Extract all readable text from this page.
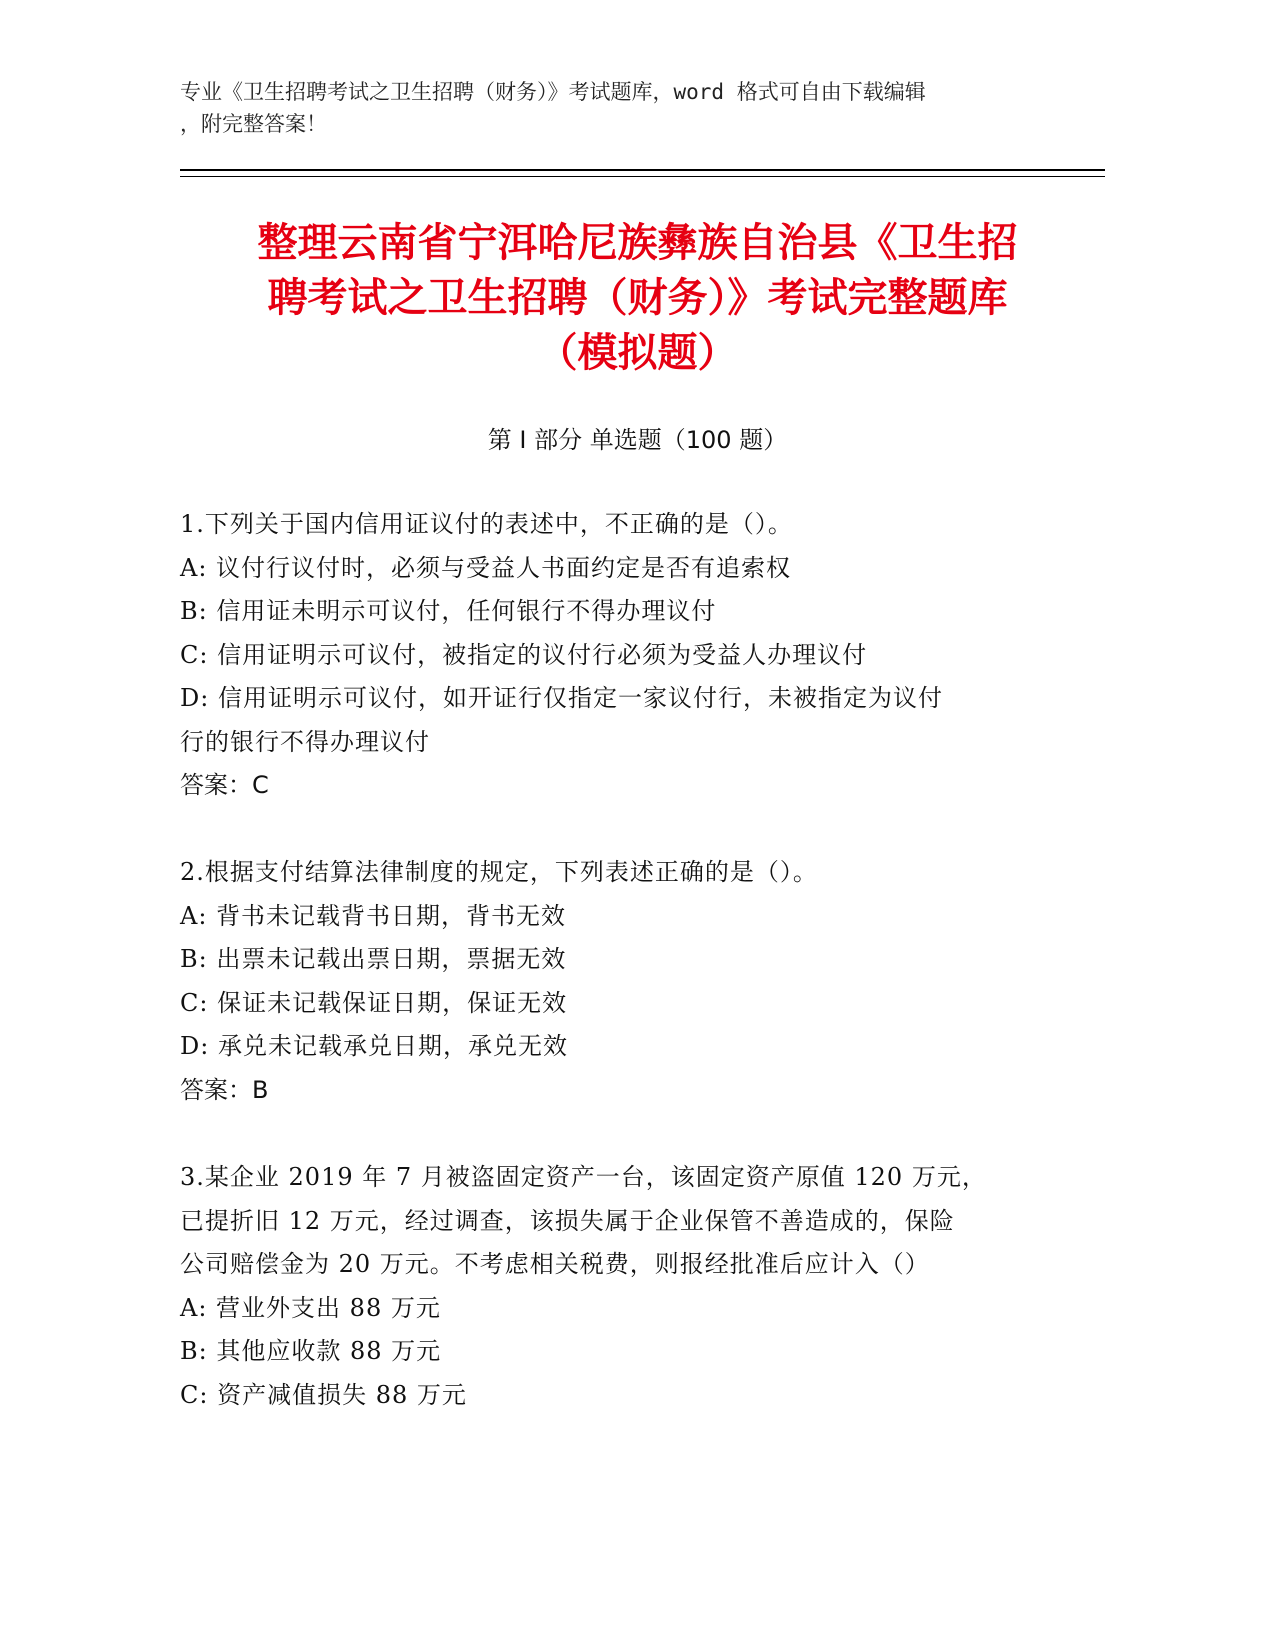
专业《卫生招聘考试之卫生招聘（财务）》考试题库，word 格式可自由下载编辑
，附完整答案！
整理云南省宁洱哈尼族彝族自治县《卫生招
聘考试之卫生招聘（财务）》考试完整题库
（模拟题）
第 I 部分 单选题（100 题）
1.下列关于国内信用证议付的表述中，不正确的是（）。
A: 议付行议付时，必须与受益人书面约定是否有追索权
B: 信用证未明示可议付，任何银行不得办理议付
C: 信用证明示可议付，被指定的议付行必须为受益人办理议付
D: 信用证明示可议付，如开证行仅指定一家议付行，未被指定为议付
行的银行不得办理议付
答案：C
2.根据支付结算法律制度的规定，下列表述正确的是（）。
A: 背书未记载背书日期，背书无效
B: 出票未记载出票日期，票据无效
C: 保证未记载保证日期，保证无效
D: 承兑未记载承兑日期，承兑无效
答案：B
3.某企业 2019 年 7 月被盗固定资产一台，该固定资产原值 120 万元，
已提折旧 12 万元，经过调查，该损失属于企业保管不善造成的，保险
公司赔偿金为 20 万元。不考虑相关税费，则报经批准后应计入（）
A: 营业外支出 88 万元
B: 其他应收款 88 万元
C: 资产减值损失 88 万元
